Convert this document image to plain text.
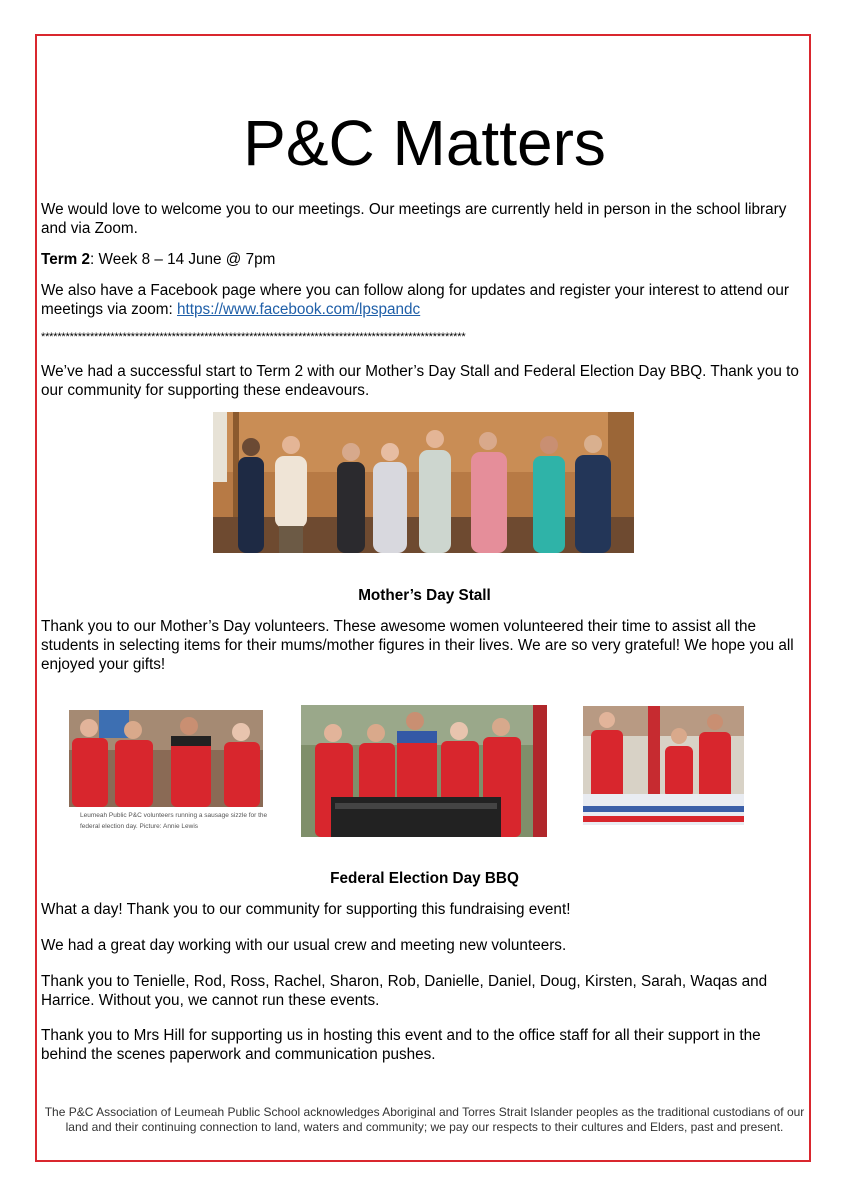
P&C Matters

We would love to welcome you to our meetings. Our meetings are currently held in person in the school library and via Zoom.

Term 2: Week 8 – 14 June @ 7pm

We also have a Facebook page where you can follow along for updates and register your interest to attend our meetings via zoom: https://www.facebook.com/lpspandc

********************************************************************************************************

We’ve had a successful start to Term 2 with our Mother’s Day Stall and Federal Election Day BBQ. Thank you to our community for supporting these endeavours.

Mother’s Day Stall

Thank you to our Mother’s Day volunteers. These awesome women volunteered their time to assist all the students in selecting items for their mums/mother figures in their lives. We are so very grateful! We hope you all enjoyed your gifts!

Leumeah Public P&C volunteers running a sausage sizzle for the federal election day. Picture: Annie Lewis
Federal Election Day BBQ

What a day! Thank you to our community for supporting this fundraising event!

We had a great day working with our usual crew and meeting new volunteers.

Thank you to Tenielle, Rod, Ross, Rachel, Sharon, Rob, Danielle, Daniel, Doug, Kirsten, Sarah, Waqas and Harrice. Without you, we cannot run these events.

Thank you to Mrs Hill for supporting us in hosting this event and to the office staff for all their support in the behind the scenes paperwork and communication pushes.

The P&C Association of Leumeah Public School acknowledges Aboriginal and Torres Strait Islander peoples as the traditional custodians of our land and their continuing connection to land, waters and community; we pay our respects to their cultures and Elders, past and present.
